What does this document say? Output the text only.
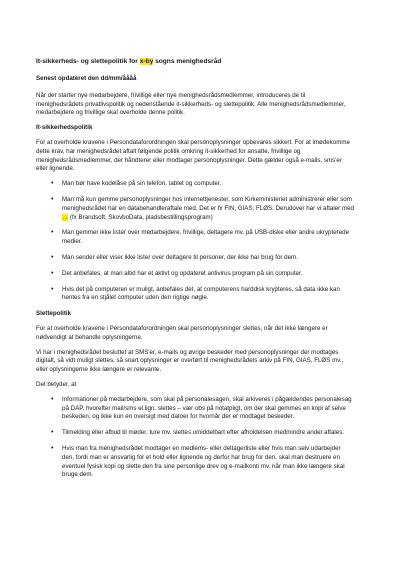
It-sikkerheds- og slettepolitik for x-by sogns menighedsråd
Senest opdateret den dd/mm/åååå

Når der starter nye medarbejdere, frivillige eller nye menighedsrådsmedlemmer, introduceres de til menighedsrådets privatlivspolitik og nedenstående it-sikkerheds- og slettepolitik. Alle menighedsrådsmedlemmer, medarbejdere og frivillige skal overholde denne politik.

It-sikkerhedspolitik

For at overholde kravene i Persondataforordningen skal personoplysninger opbevares sikkert. For at imødekomme dette krav, har menighedsrådet aftalt følgende politik omkring it-sikkerhed for ansatte, frivillige og menighedsrådsmedlemmer, der håndterer eller modtager personoplysninger. Dette gælder også e-mails, sms'er eller lignende.

• Man bør have kodelåse på sin telefon, tablet og computer.
• Man må kun gemme personoplysninger hos internettjenester, som Kirkeministeriet administrerer eller som menighedsrådet har en databehandleraftale med. Det er fx FIN, GIAS, FLØS. Derudover har vi aftaler med … (fx Brandsoft, SkovboData, pladsbestillingsprogram)
• Man gemmer ikke lister over medarbejdere, frivillige, deltagere mv. på USB-diske eller andre ukrypterede medier.
• Man sender eller viser ikke lister over deltagere til personer, der ikke har brug for dem.
• Det anbefales, at man altid har et aktivt og opdateret antivirus program på sin computer.
• Hvis det på computeren er muligt, anbefales det, at computerens harddisk krypteres, så data ikke kan hentes fra en stjålet computer uden den rigtige nøgle.
Slettepolitik

For at overholde kravene i Persondataforordningen skal personoplysninger slettes, når det ikke længere er nødvendigt at behandle oplysningerne.

Vi har i menighedsrådet besluttet at SMS'er, e-mails og øvrige beskeder med personoplysninger der modtages digitalt, så vidt muligt slettes, så snart oplysninger er overført til menighedsrådets arkiv på FIN, GIAS, FLØS mv., eller oplysningerne ikke længere er relevante.

Det betyder, at

• Informationer på medarbejdere, som skal på personalesagen, skal arkiveres i pågældendes personalesag på DAP, hvorefter mail/sms el.lign. slettes – vær obs på notatpligt, om der skal gemmes en kopi af selve beskeden, og ikke kun en oversigt med datoer for hvornår der er modtaget beskeder.
• Tilmelding eller afbud til møder, ture mv. slettes umiddelbart efter afholdelsen medmindre andet aftales.
• Hvis man fra menighedsrådet modtager en medlems- eller deltagerliste eller hvis man selv udarbejder den, fordi man er ansvarlig for et hold eller lignende og derfor har brug for den, skal man destruere en eventuel fysisk kopi og slette den fra sine personlige drev og e-mailkonti mv. når man ikke længere skal bruge dem.
